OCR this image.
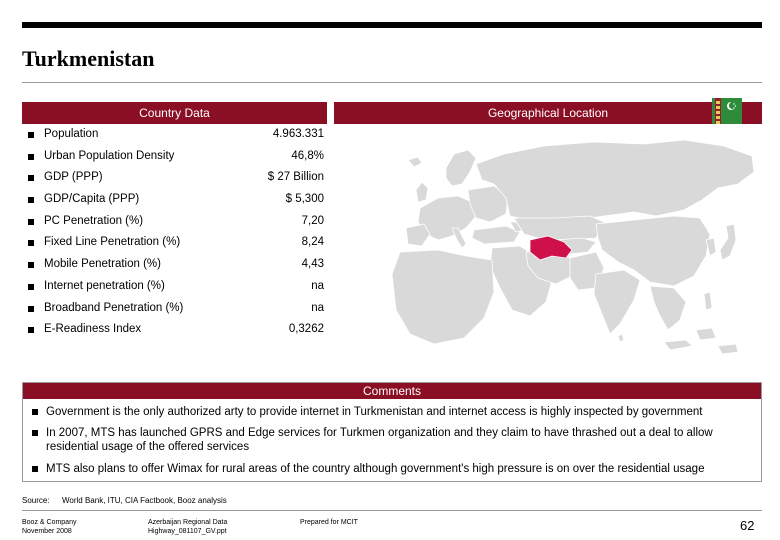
Turkmenistan
Country Data
Population	4.963.331
Urban Population Density	46,8%
GDP (PPP)	$ 27 Billion
GDP/Capita (PPP)	$ 5,300
PC Penetration (%)	7,20
Fixed Line Penetration (%)	8,24
Mobile Penetration (%)	4,43
Internet penetration (%)	na
Broadband Penetration (%)	na
E-Readiness Index	0,3262
Geographical Location
Comments
Government is the only authorized arty to provide internet in Turkmenistan and internet access is highly inspected by government
In 2007, MTS has launched GPRS and Edge services for Turkmen organization and they claim to have thrashed out a deal to allow residential usage of the offered services
MTS also plans to offer Wimax for rural areas of the country although government's high pressure is on over the residential usage
Source: World Bank, ITU, CIA Factbook, Booz analysis
Booz & Company
November 2008
Azerbaijan Regional Data
Highway_081107_GV.ppt
Prepared for MCIT	62
